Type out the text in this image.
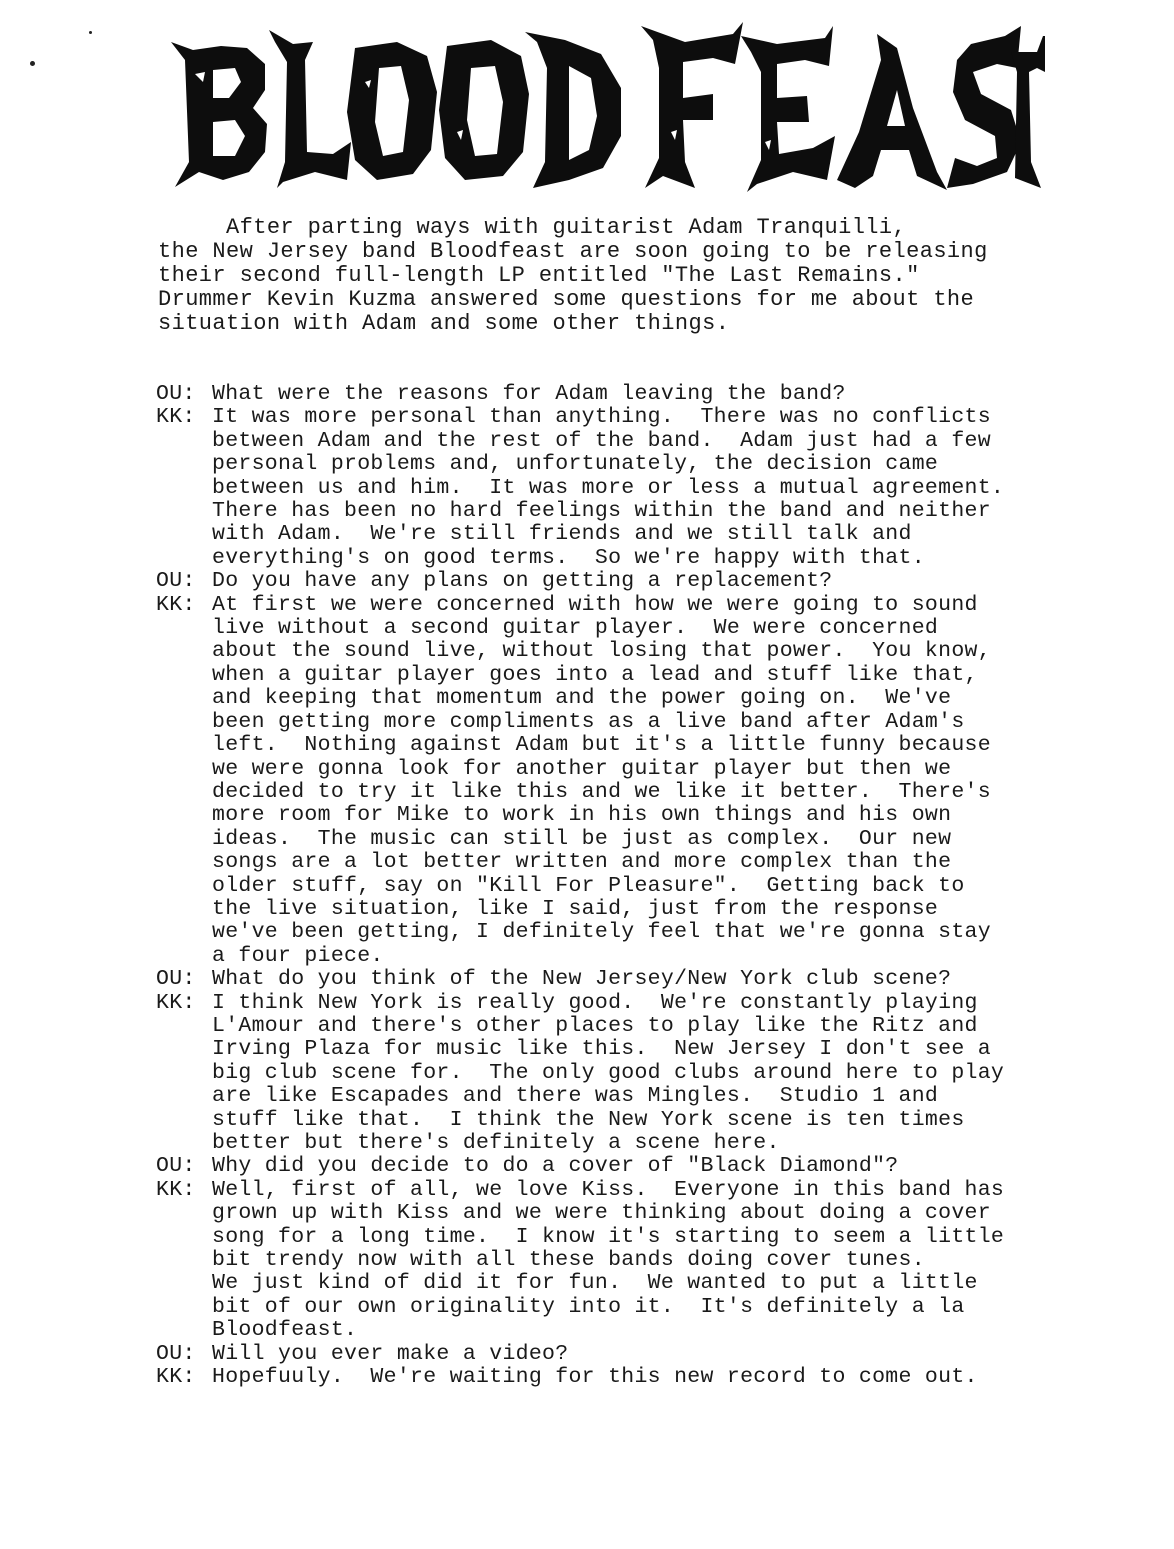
After parting ways with guitarist Adam Tranquilli,
the New Jersey band Bloodfeast are soon going to be releasing
their second full-length LP entitled "The Last Remains."
Drummer Kevin Kuzma answered some questions for me about the
situation with Adam and some other things.
OU: What were the reasons for Adam leaving the band?
KK: It was more personal than anything.  There was no conflicts
between Adam and the rest of the band.  Adam just had a few
personal problems and, unfortunately, the decision came
between us and him.  It was more or less a mutual agreement.
There has been no hard feelings within the band and neither
with Adam.  We're still friends and we still talk and
everything's on good terms.  So we're happy with that.
OU: Do you have any plans on getting a replacement?
KK: At first we were concerned with how we were going to sound
live without a second guitar player.  We were concerned
about the sound live, without losing that power.  You know,
when a guitar player goes into a lead and stuff like that,
and keeping that momentum and the power going on.  We've
been getting more compliments as a live band after Adam's
left.  Nothing against Adam but it's a little funny because
we were gonna look for another guitar player but then we
decided to try it like this and we like it better.  There's
more room for Mike to work in his own things and his own
ideas.  The music can still be just as complex.  Our new
songs are a lot better written and more complex than the
older stuff, say on "Kill For Pleasure".  Getting back to
the live situation, like I said, just from the response
we've been getting, I definitely feel that we're gonna stay
a four piece.
OU: What do you think of the New Jersey/New York club scene?
KK: I think New York is really good.  We're constantly playing
L'Amour and there's other places to play like the Ritz and
Irving Plaza for music like this.  New Jersey I don't see a
big club scene for.  The only good clubs around here to play
are like Escapades and there was Mingles.  Studio 1 and
stuff like that.  I think the New York scene is ten times
better but there's definitely a scene here.
OU: Why did you decide to do a cover of "Black Diamond"?
KK: Well, first of all, we love Kiss.  Everyone in this band has
grown up with Kiss and we were thinking about doing a cover
song for a long time.  I know it's starting to seem a little
bit trendy now with all these bands doing cover tunes.
We just kind of did it for fun.  We wanted to put a little
bit of our own originality into it.  It's definitely a la
Bloodfeast.
OU: Will you ever make a video?
KK: Hopefuuly.  We're waiting for this new record to come out.
